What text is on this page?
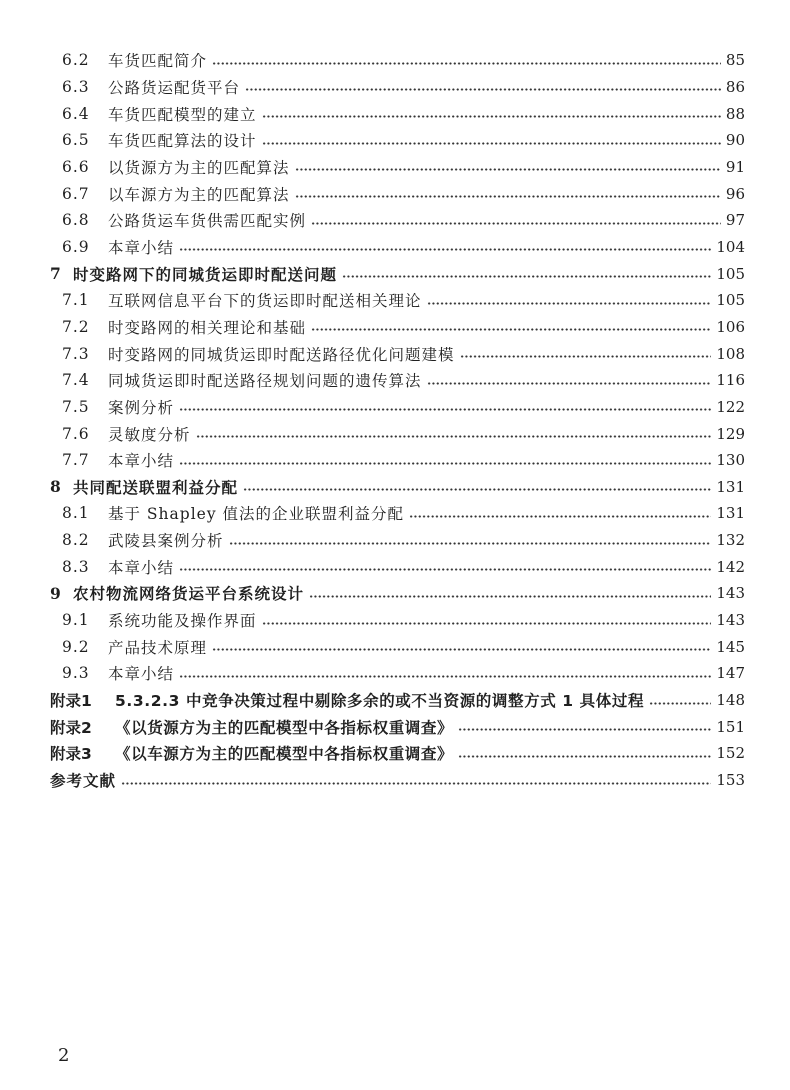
6.2	车货匹配简介	85
6.3	公路货运配货平台	86
6.4	车货匹配模型的建立	88
6.5	车货匹配算法的设计	90
6.6	以货源方为主的匹配算法	91
6.7	以车源方为主的匹配算法	96
6.8	公路货运车货供需匹配实例	97
6.9	本章小结	104
7 时变路网下的同城货运即时配送问题	105
7.1	互联网信息平台下的货运即时配送相关理论	105
7.2	时变路网的相关理论和基础	106
7.3	时变路网的同城货运即时配送路径优化问题建模	108
7.4	同城货运即时配送路径规划问题的遗传算法	116
7.5	案例分析	122
7.6	灵敏度分析	129
7.7	本章小结	130
8 共同配送联盟利益分配	131
8.1	基于 Shapley 值法的企业联盟利益分配	131
8.2	武陵县案例分析	132
8.3	本章小结	142
9 农村物流网络货运平台系统设计	143
9.1	系统功能及操作界面	143
9.2	产品技术原理	145
9.3	本章小结	147
附录1	5.3.2.3 中竞争决策过程中剔除多余的或不当资源的调整方式 1 具体过程	148
附录2	《以货源方为主的匹配模型中各指标权重调查》	151
附录3	《以车源方为主的匹配模型中各指标权重调查》	152
参考文献	153
2
